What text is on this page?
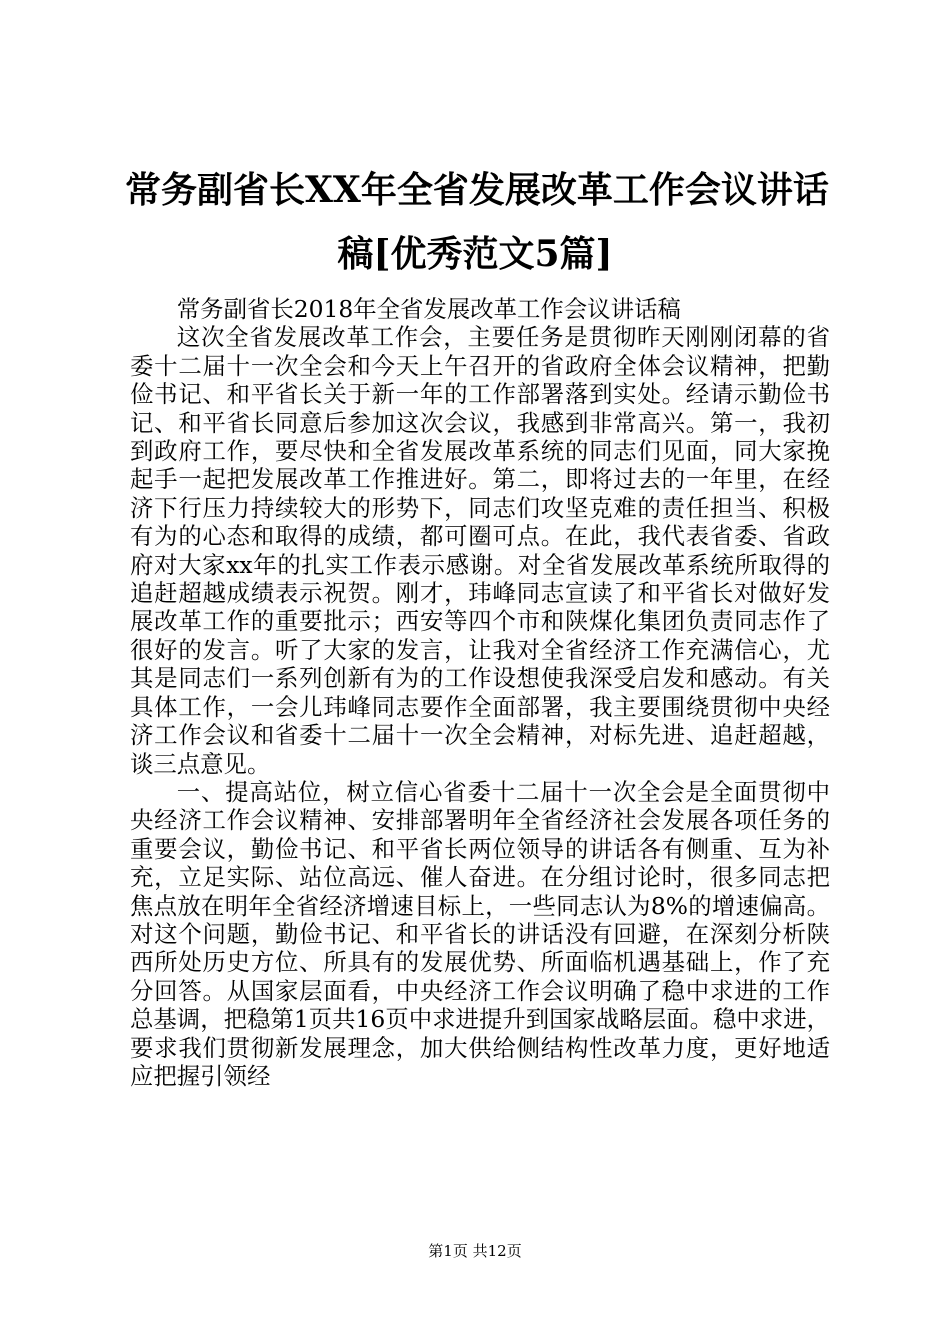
常务副省长XX年全省发展改革工作会议讲话
稿[优秀范文5篇]

常务副省长2018年全省发展改革工作会议讲话稿

这次全省发展改革工作会，主要任务是贯彻昨天刚刚闭幕的省委十二届十一次全会和今天上午召开的省政府全体会议精神，把勤俭书记、和平省长关于新一年的工作部署落到实处。经请示勤俭书记、和平省长同意后参加这次会议，我感到非常高兴。第一，我初到政府工作，要尽快和全省发展改革系统的同志们见面，同大家挽起手一起把发展改革工作推进好。第二，即将过去的一年里，在经济下行压力持续较大的形势下，同志们攻坚克难的责任担当、积极有为的心态和取得的成绩，都可圈可点。在此，我代表省委、省政府对大家xx年的扎实工作表示感谢。对全省发展改革系统所取得的追赶超越成绩表示祝贺。刚才，玮峰同志宣读了和平省长对做好发展改革工作的重要批示；西安等四个市和陕煤化集团负责同志作了很好的发言。听了大家的发言，让我对全省经济工作充满信心，尤其是同志们一系列创新有为的工作设想使我深受启发和感动。有关具体工作，一会儿玮峰同志要作全面部署，我主要围绕贯彻中央经济工作会议和省委十二届十一次全会精神，对标先进、追赶超越，谈三点意见。

一、提高站位，树立信心省委十二届十一次全会是全面贯彻中央经济工作会议精神、安排部署明年全省经济社会发展各项任务的重要会议，勤俭书记、和平省长两位领导的讲话各有侧重、互为补充，立足实际、站位高远、催人奋进。在分组讨论时，很多同志把焦点放在明年全省经济增速目标上，一些同志认为8%的增速偏高。对这个问题，勤俭书记、和平省长的讲话没有回避，在深刻分析陕西所处历史方位、所具有的发展优势、所面临机遇基础上，作了充分回答。从国家层面看，中央经济工作会议明确了稳中求进的工作总基调，把稳第1页共16页中求进提升到国家战略层面。稳中求进，要求我们贯彻新发展理念，加大供给侧结构性改革力度，更好地适应把握引领经

第1页 共12页
